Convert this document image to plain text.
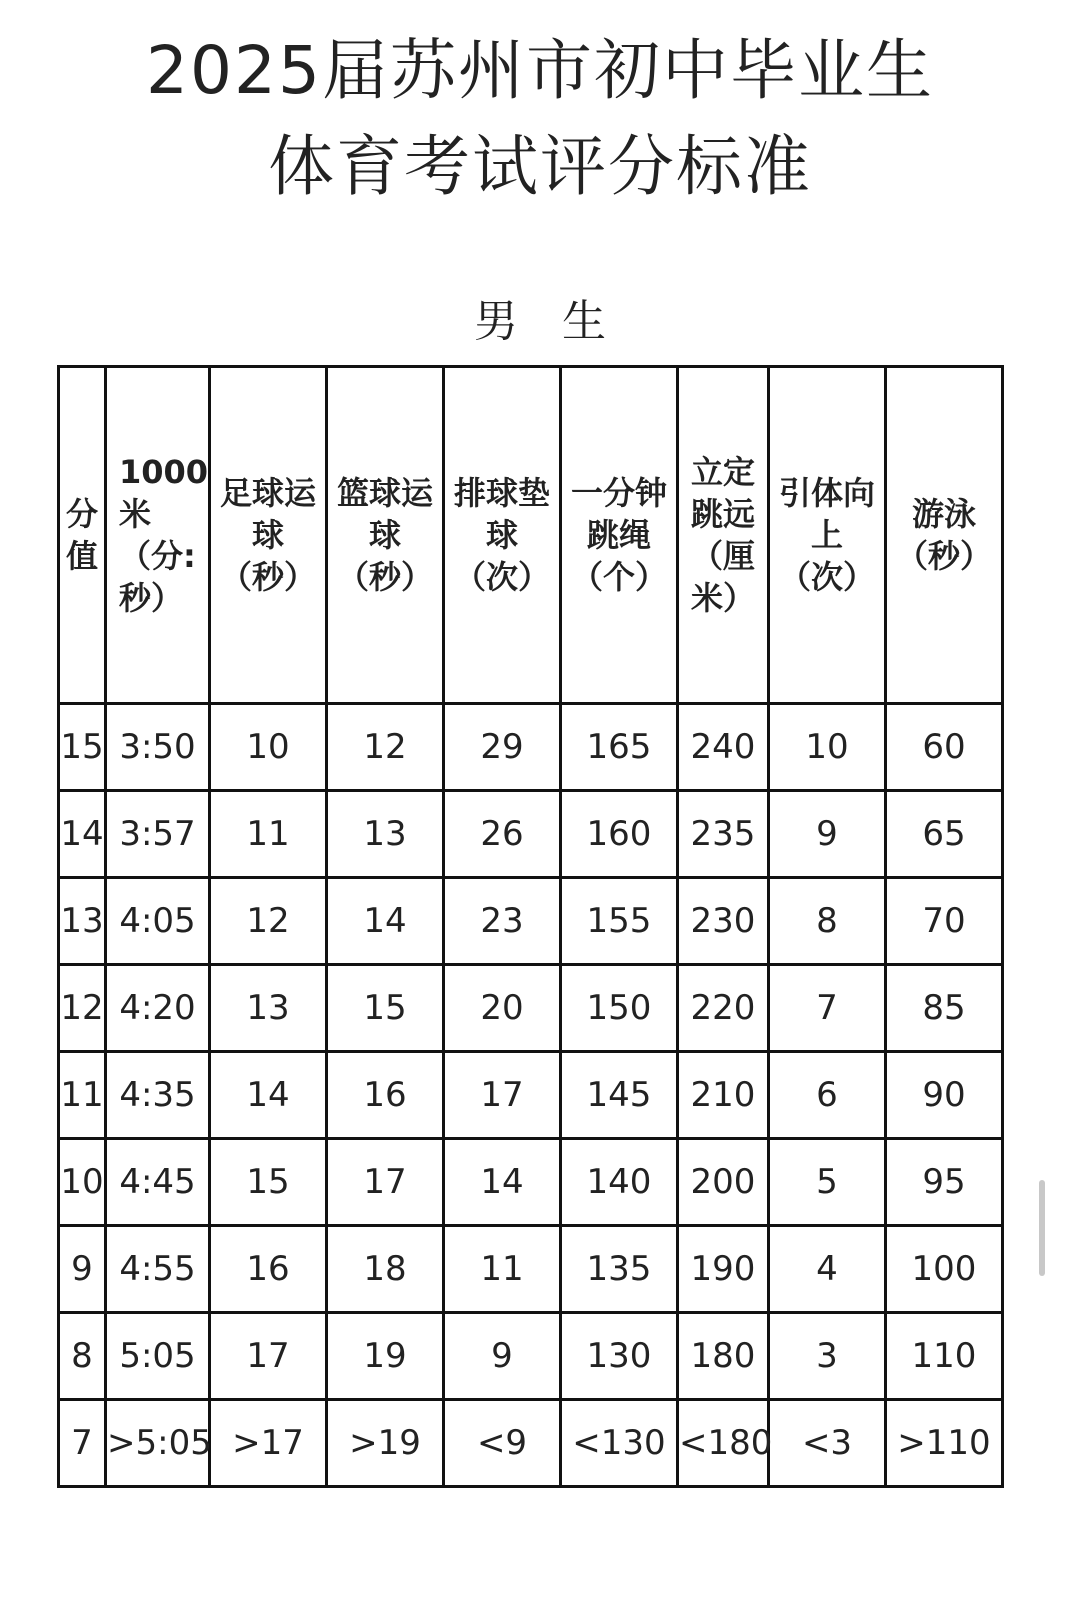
2025届苏州市初中毕业生
体育考试评分标准
男生
分
值	1000
米
（分:
秒）	足球运
球
（秒）	篮球运
球
（秒）	排球垫
球
（次）	一分钟
跳绳
（个）	立定
跳远
（厘
米）	引体向
上
（次）	游泳
（秒）

15	3:50	10	12	29	165	240	10	60
14	3:57	11	13	26	160	235	9	65
13	4:05	12	14	23	155	230	8	70
12	4:20	13	15	20	150	220	7	85
11	4:35	14	16	17	145	210	6	90
10	4:45	15	17	14	140	200	5	95
9	4:55	16	18	11	135	190	4	100
8	5:05	17	19	9	130	180	3	110
7	>5:05	>17	>19	<9	<130	<180	<3	>110
